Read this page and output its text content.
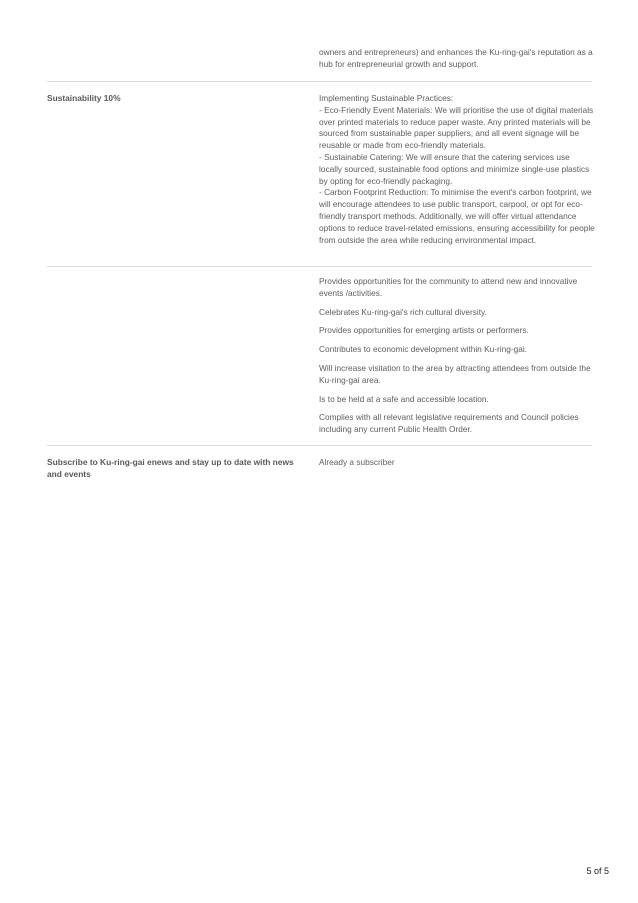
owners and entrepreneurs) and enhances the Ku-ring-gai's reputation as a hub for entrepreneurial growth and support.
Sustainability 10%	Implementing Sustainable Practices:
- Eco-Friendly Event Materials: We will prioritise the use of digital materials over printed materials to reduce paper waste. Any printed materials will be sourced from sustainable paper suppliers, and all event signage will be reusable or made from eco-friendly materials.
- Sustainable Catering: We will ensure that the catering services use locally sourced, sustainable food options and minimize single-use plastics by opting for eco-friendly packaging.
- Carbon Footprint Reduction: To minimise the event's carbon footprint, we will encourage attendees to use public transport, carpool, or opt for eco-friendly transport methods. Additionally, we will offer virtual attendance options to reduce travel-related emissions, ensuring accessibility for people from outside the area while reducing environmental impact.

Provides opportunities for the community to attend new and innovative events /activities.

Celebrates Ku-ring-gai's rich cultural diversity.

Provides opportunities for emerging artists or performers.

Contributes to economic development within Ku-ring-gai.

Will increase visitation to the area by attracting attendees from outside the Ku-ring-gai area.

Is to be held at a safe and accessible location.

Complies with all relevant legislative requirements and Council policies including any current Public Health Order.

Subscribe to Ku-ring-gai enews and stay up to date with news and events
Already a subscriber
5 of 5
